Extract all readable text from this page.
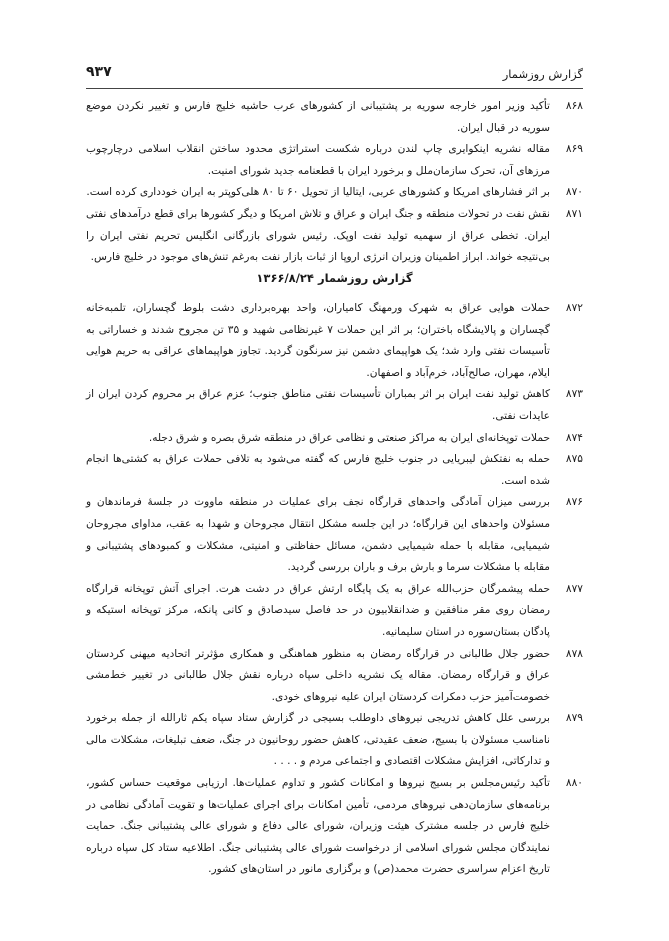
گزارش روزشمار
۹۳۷
۸۶۸
تأکید وزیر امور خارجه سوریه بر پشتیبانی از کشورهای عرب حاشیه خلیج فارس و تغییر نکردن موضع سوریه در قبال ایران.
۸۶۹
مقاله نشریه اینکوایری چاپ لندن درباره شکست استراتژی محدود ساختن انقلاب اسلامی درچارچوب مرزهای آن، تحرک سازمان‌ملل و برخورد ایران با قطعنامه جدید شورای امنیت.
۸۷۰
بر اثر فشارهای امریکا و کشورهای عربی، ایتالیا از تحویل ۶۰ تا ۸۰ هلی‌کوپتر به ایران خودداری کرده است.
۸۷۱
نقش نفت در تحولات منطقه و جنگ ایران و عراق و تلاش امریکا و دیگر کشورها برای قطع درآمدهای نفتی ایران. تخطی عراق از سهمیه تولید نفت اوپک. رئیس شورای بازرگانی انگلیس تحریم نفتی ایران را بی‌نتیجه خواند. ابراز اطمینان وزیران انرژی اروپا از ثبات بازار نفت به‌رغم تنش‌های موجود در خلیج فارس.
گزارش روزشمار ۱۳۶۶/۸/۲۴
۸۷۲
حملات هوایی عراق به شهرک ورمهنگ کامیاران، واحد بهره‌برداری دشت بلوط گچساران، تلمبه‌خانه گچساران و پالایشگاه باختران؛ بر اثر این حملات ۷ غیرنظامی شهید و ۳۵ تن مجروح شدند و خساراتی به تأسیسات نفتی وارد شد؛ یک هواپیمای دشمن نیز سرنگون گردید. تجاوز هواپیماهای عراقی به حریم هوایی ایلام، مهران، صالح‌آباد، خرم‌آباد و اصفهان.
۸۷۳
کاهش تولید نفت ایران بر اثر بمباران تأسیسات نفتی مناطق جنوب؛ عزم عراق بر محروم کردن ایران از عایدات نفتی.
۸۷۴
حملات توپخانه‌ای ایران به مراکز صنعتی و نظامی عراق در منطقه شرق بصره و شرق دجله.
۸۷۵
حمله به نفتکش لیبریایی در جنوب خلیج فارس که گفته می‌شود به تلافی حملات عراق به کشتی‌ها انجام شده است.
۸۷۶
بررسی میزان آمادگی واحدهای قرارگاه نجف برای عملیات در منطقه ماووت در جلسهٔ فرماندهان و مسئولان واحدهای این قرارگاه؛ در این جلسه مشکل انتقال مجروحان و شهدا به عقب، مداوای مجروحان شیمیایی، مقابله با حمله شیمیایی دشمن، مسائل حفاظتی و امنیتی، مشکلات و کمبودهای پشتیبانی و مقابله با مشکلات سرما و بارش برف و باران بررسی گردید.
۸۷۷
حمله پیشمرگان حزب‌الله عراق به یک پایگاه ارتش عراق در دشت هرت. اجرای آتش توپخانه قرارگاه رمضان روی مقر منافقین و ضدانقلابیون در حد فاصل سیدصادق و کانی پانکه، مرکز توپخانه استیکه و پادگان بستان‌سوره در استان سلیمانیه.
۸۷۸
حضور جلال طالبانی در قرارگاه رمضان به منظور هماهنگی و همکاری مؤثرتر اتحادیه میهنی کردستان عراق و قرارگاه رمضان. مقاله یک نشریه داخلی سپاه درباره نقش جلال طالبانی در تغییر خط‌مشی خصومت‌آمیز حزب دمکرات کردستان ایران علیه نیروهای خودی.
۸۷۹
بررسی علل کاهش تدریجی نیروهای داوطلب بسیجی در گزارش ستاد سپاه یکم ثارالله از جمله برخورد نامناسب مسئولان با بسیج، ضعف عقیدتی، کاهش حضور روحانیون در جنگ، ضعف تبلیغات، مشکلات مالی و تدارکاتی، افزایش مشکلات اقتصادی و اجتماعی مردم و . . . .
۸۸۰
تأکید رئیس‌مجلس بر بسیج نیروها و امکانات کشور و تداوم عملیات‌ها. ارزیابی موقعیت حساس کشور، برنامه‌های سازمان‌دهی نیروهای مردمی، تأمین امکانات برای اجرای عملیات‌ها و تقویت آمادگی نظامی در خلیج فارس در جلسه مشترک هیئت وزیران، شورای عالی دفاع و شورای عالی پشتیبانی جنگ. حمایت نمایندگان مجلس شورای اسلامی از درخواست شورای عالی پشتیبانی جنگ. اطلاعیه ستاد کل سپاه درباره تاریخ اعزام سراسری حضرت محمد(ص) و برگزاری مانور در استان‌های کشور.
